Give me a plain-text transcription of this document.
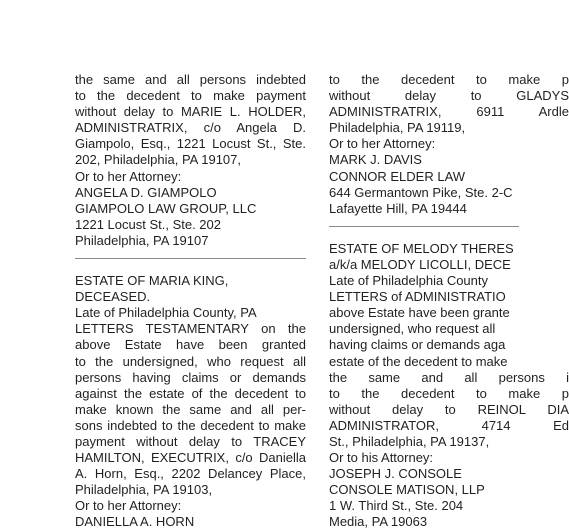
the same and all persons indebted
to the decedent to make payment
without delay to MARIE L. HOLDER,
ADMINISTRATRIX, c/o Angela D.
Giampolo, Esq., 1221 Locust St., Ste.
202, Philadelphia, PA 19107,
Or to her Attorney:
ANGELA D. GIAMPOLO
GIAMPOLO LAW GROUP, LLC
1221 Locust St., Ste. 202
Philadelphia, PA 19107
ESTATE OF MARIA KING,
DECEASED.
Late of Philadelphia County, PA
LETTERS TESTAMENTARY on the
above Estate have been granted
to the undersigned, who request all
persons having claims or demands
against the estate of the decedent to
make known the same and all per-
sons indebted to the decedent to make
payment without delay to TRACEY
HAMILTON, EXECUTRIX, c/o Daniella
A. Horn, Esq., 2202 Delancey Place,
Philadelphia, PA 19103,
Or to her Attorney:
DANIELLA A. HORN
to the decedent to make p
without delay to GLADYS
ADMINISTRATRIX, 6911 Ardle
Philadelphia, PA 19119,
Or to her Attorney:
MARK J. DAVIS
CONNOR ELDER LAW
644 Germantown Pike, Ste. 2-C
Lafayette Hill, PA 19444
ESTATE OF MELODY THERES
a/k/a MELODY LICOLLI, DECE
Late of Philadelphia County
LETTERS of ADMINISTRATIO
above Estate have been grante
undersigned, who request all
having claims or demands aga
estate of the decedent to make
the same and all persons i
to the decedent to make p
without delay to REINOL DIA
ADMINISTRATOR, 4714 Ed
St., Philadelphia, PA 19137,
Or to his Attorney:
JOSEPH J. CONSOLE
CONSOLE MATISON, LLP
1 W. Third St., Ste. 204
Media, PA 19063
